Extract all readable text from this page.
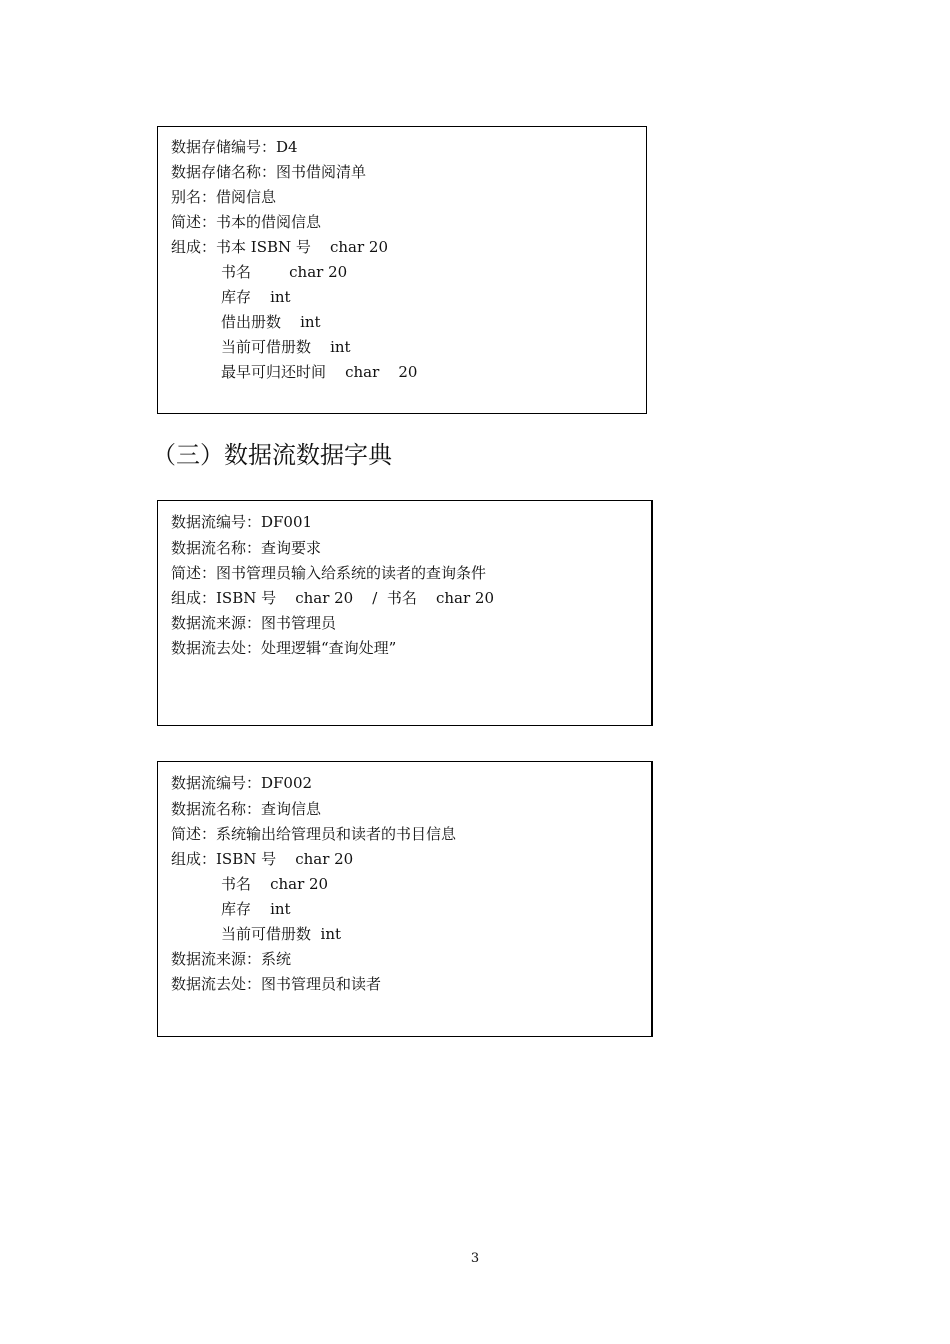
数据存储编号：D4
数据存储名称：图书借阅清单
别名：借阅信息
简述：书本的借阅信息
组成：书本 ISBN 号    char 20
书名        char 20
库存    int
借出册数    int
当前可借册数    int
最早可归还时间    char    20
（三）数据流数据字典
数据流编号：DF001
数据流名称：查询要求
简述：图书管理员输入给系统的读者的查询条件
组成：ISBN 号    char 20    /  书名    char 20
数据流来源：图书管理员
数据流去处：处理逻辑“查询处理”
数据流编号：DF002
数据流名称：查询信息
简述：系统输出给管理员和读者的书目信息
组成：ISBN 号    char 20
书名    char 20
库存    int
当前可借册数  int
数据流来源：系统
数据流去处：图书管理员和读者
3
